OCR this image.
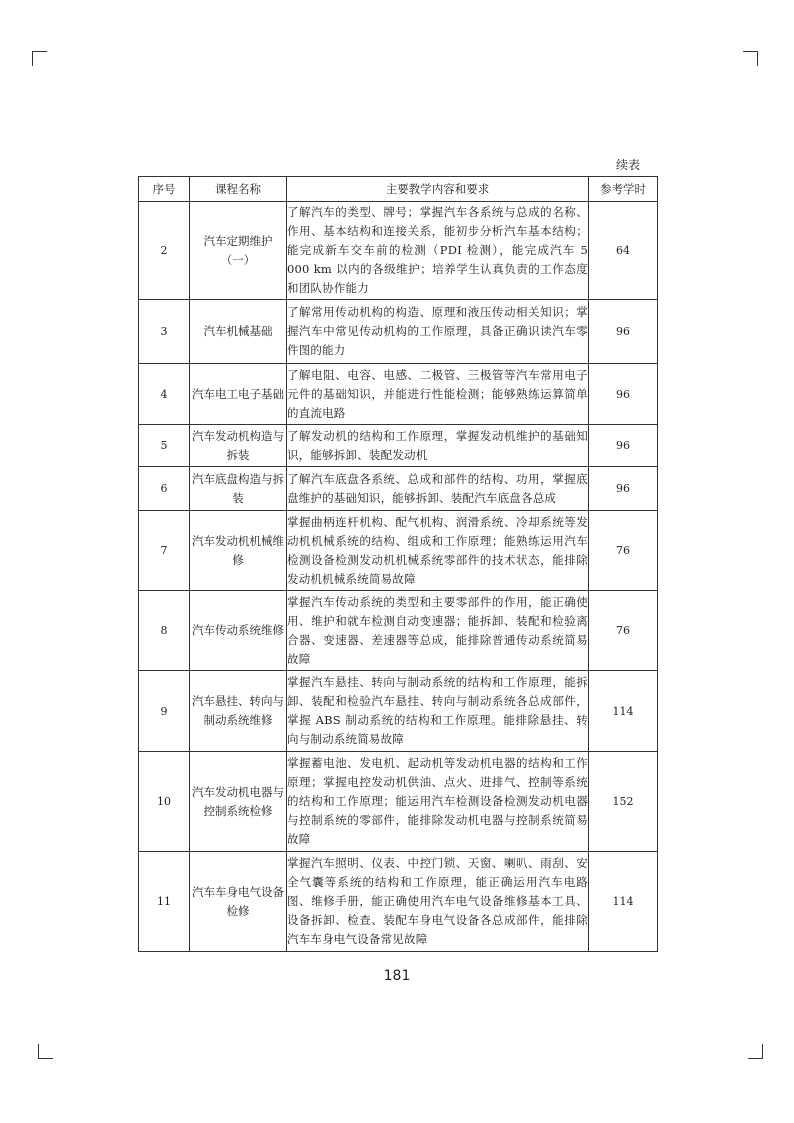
续表
序号	课程名称	主要教学内容和要求	参考学时
2	汽车定期维护（一）	了解汽车的类型、牌号；掌握汽车各系统与总成的名称、作用、基本结构和连接关系，能初步分析汽车基本结构；能完成新车交车前的检测（PDI 检测），能完成汽车 5 000 km 以内的各级维护；培养学生认真负责的工作态度和团队协作能力	64
3	汽车机械基础	了解常用传动机构的构造、原理和液压传动相关知识；掌握汽车中常见传动机构的工作原理，具备正确识读汽车零件图的能力	96
4	汽车电工电子基础	了解电阻、电容、电感、二极管、三极管等汽车常用电子元件的基础知识，并能进行性能检测；能够熟练运算简单的直流电路	96
5	汽车发动机构造与拆装	了解发动机的结构和工作原理，掌握发动机维护的基础知识，能够拆卸、装配发动机	96
6	汽车底盘构造与拆装	了解汽车底盘各系统、总成和部件的结构、功用，掌握底盘维护的基础知识，能够拆卸、装配汽车底盘各总成	96
7	汽车发动机机械维修	掌握曲柄连杆机构、配气机构、润滑系统、冷却系统等发动机机械系统的结构、组成和工作原理；能熟练运用汽车检测设备检测发动机机械系统零部件的技术状态，能排除发动机机械系统简易故障	76
8	汽车传动系统维修	掌握汽车传动系统的类型和主要零部件的作用，能正确使用、维护和就车检测自动变速器；能拆卸、装配和检验离合器、变速器、差速器等总成，能排除普通传动系统简易故障	76
9	汽车悬挂、转向与制动系统维修	掌握汽车悬挂、转向与制动系统的结构和工作原理，能拆卸、装配和检验汽车悬挂、转向与制动系统各总成部件，掌握 ABS 制动系统的结构和工作原理。能排除悬挂、转向与制动系统简易故障	114
10	汽车发动机电器与控制系统检修	掌握蓄电池、发电机、起动机等发动机电器的结构和工作原理；掌握电控发动机供油、点火、进排气、控制等系统的结构和工作原理；能运用汽车检测设备检测发动机电器与控制系统的零部件，能排除发动机电器与控制系统简易故障	152
11	汽车车身电气设备检修	掌握汽车照明、仪表、中控门锁、天窗、喇叭、雨刮、安全气囊等系统的结构和工作原理，能正确运用汽车电路图、维修手册，能正确使用汽车电气设备维修基本工具、设备拆卸、检查、装配车身电气设备各总成部件，能排除汽车车身电气设备常见故障	114
181
